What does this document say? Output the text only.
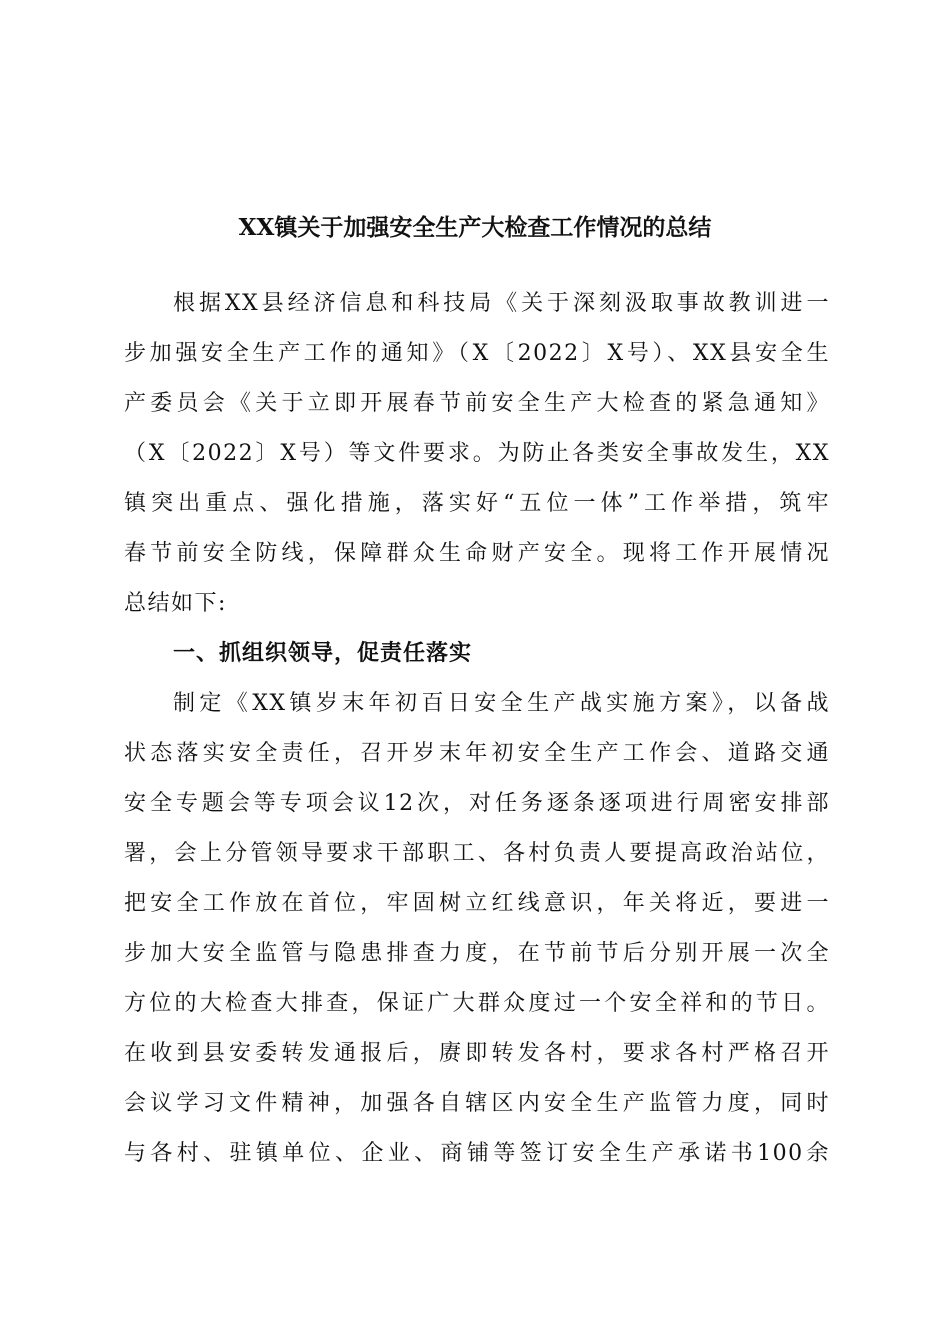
XX镇关于加强安全生产大检查工作情况的总结
根据XX县经济信息和科技局《关于深刻汲取事故教训进一
步加强安全生产工作的通知》（X〔2022〕X号）、XX县安全生
产委员会《关于立即开展春节前安全生产大检查的紧急通知》
（X〔2022〕X号）等文件要求。为防止各类安全事故发生，XX
镇突出重点、强化措施，落实好“五位一体”工作举措，筑牢
春节前安全防线，保障群众生命财产安全。现将工作开展情况
总结如下:
一、抓组织领导，促责任落实
制定《XX镇岁末年初百日安全生产战实施方案》，以备战
状态落实安全责任，召开岁末年初安全生产工作会、道路交通
安全专题会等专项会议12次，对任务逐条逐项进行周密安排部
署，会上分管领导要求干部职工、各村负责人要提高政治站位，
把安全工作放在首位，牢固树立红线意识，年关将近，要进一
步加大安全监管与隐患排查力度，在节前节后分别开展一次全
方位的大检查大排查，保证广大群众度过一个安全祥和的节日。
在收到县安委转发通报后，赓即转发各村，要求各村严格召开
会议学习文件精神，加强各自辖区内安全生产监管力度，同时
与各村、驻镇单位、企业、商铺等签订安全生产承诺书100余
